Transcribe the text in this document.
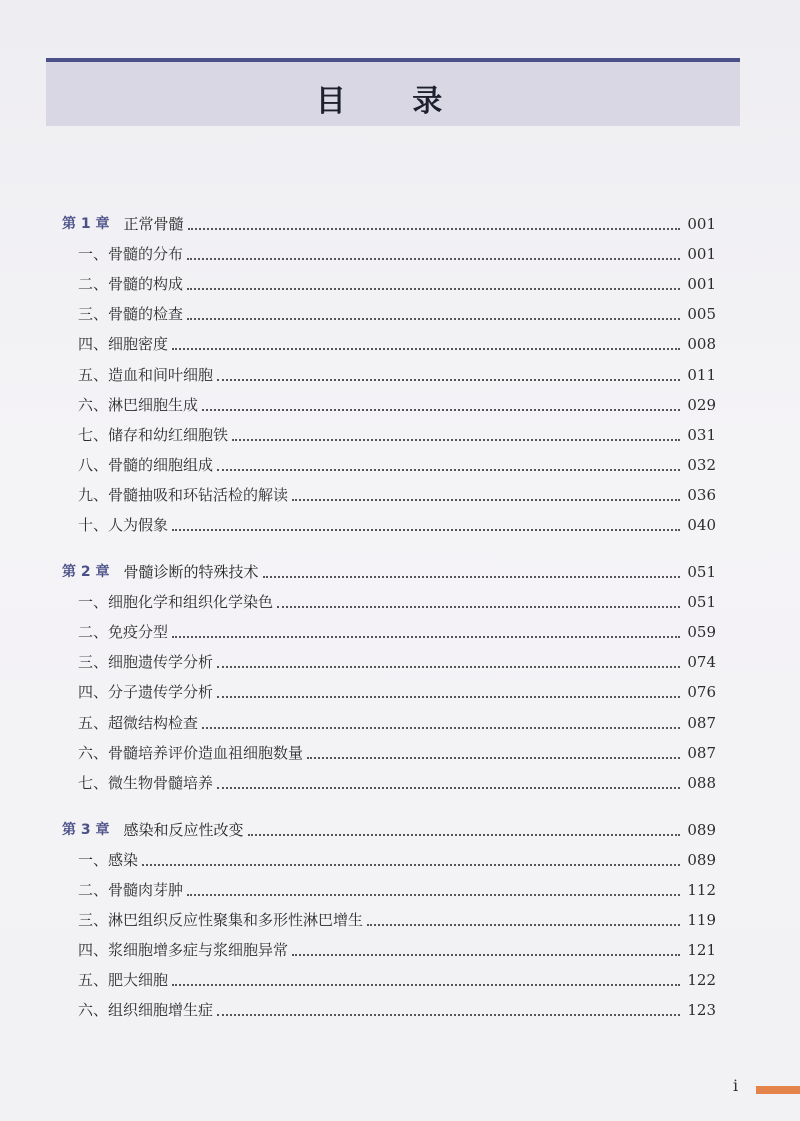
目 录
第 1 章 正常骨髓	001
一、骨髓的分布	001
二、骨髓的构成	001
三、骨髓的检查	005
四、细胞密度	008
五、造血和间叶细胞	011
六、淋巴细胞生成	029
七、储存和幼红细胞铁	031
八、骨髓的细胞组成	032
九、骨髓抽吸和环钻活检的解读	036
十、人为假象	040
第 2 章 骨髓诊断的特殊技术	051
一、细胞化学和组织化学染色	051
二、免疫分型	059
三、细胞遗传学分析	074
四、分子遗传学分析	076
五、超微结构检查	087
六、骨髓培养评价造血祖细胞数量	087
七、微生物骨髓培养	088
第 3 章 感染和反应性改变	089
一、感染	089
二、骨髓肉芽肿	112
三、淋巴组织反应性聚集和多形性淋巴增生	119
四、浆细胞增多症与浆细胞异常	121
五、肥大细胞	122
六、组织细胞增生症	123
i
